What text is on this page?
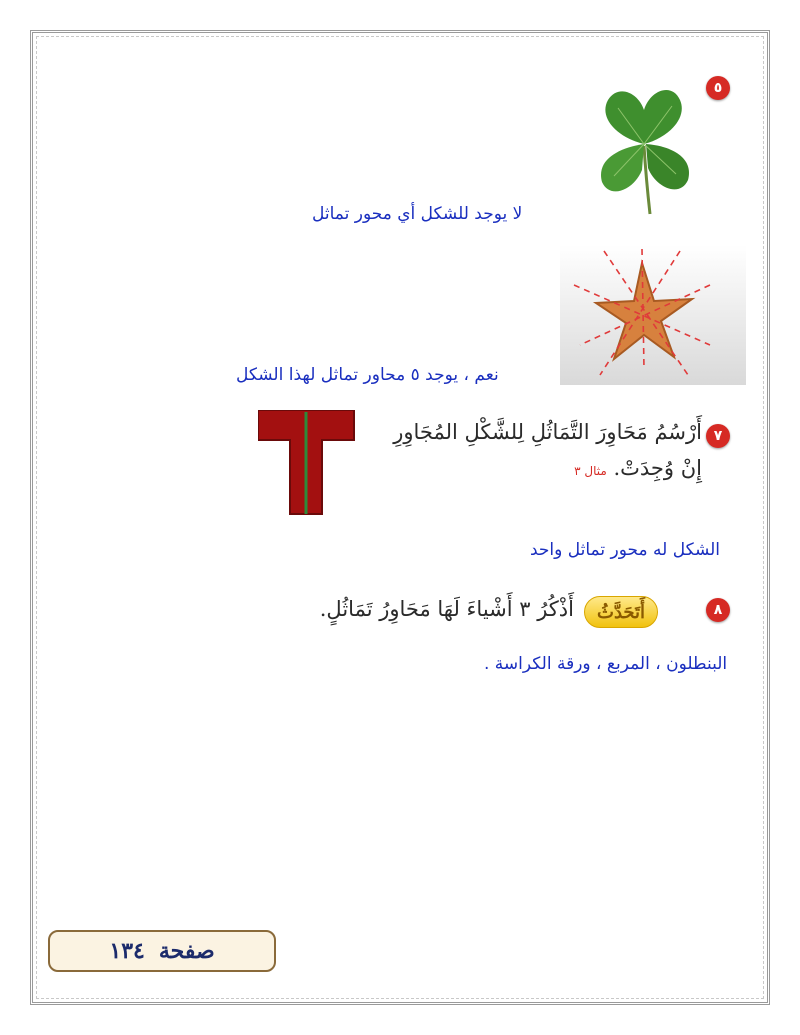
٥
لا يوجد للشكل أي محور تماثل
نعم ، يوجد ٥ محاور تماثل لهذا الشكل
٧
أَرْسُمُ مَحَاوِرَ التَّمَاثُلِ لِلشَّكْلِ المُجَاوِرِ
إِنْ وُجِدَتْ. مثال ٣
الشكل له محور تماثل واحد
٨
أَتَحَدَّثُ
أَذْكُرُ ٣ أَشْياءَ لَهَا مَحَاوِرُ تَمَاثُلٍ.
البنطلون ، المربع ، ورقة الكراسة .
صفحة
١٣٤
